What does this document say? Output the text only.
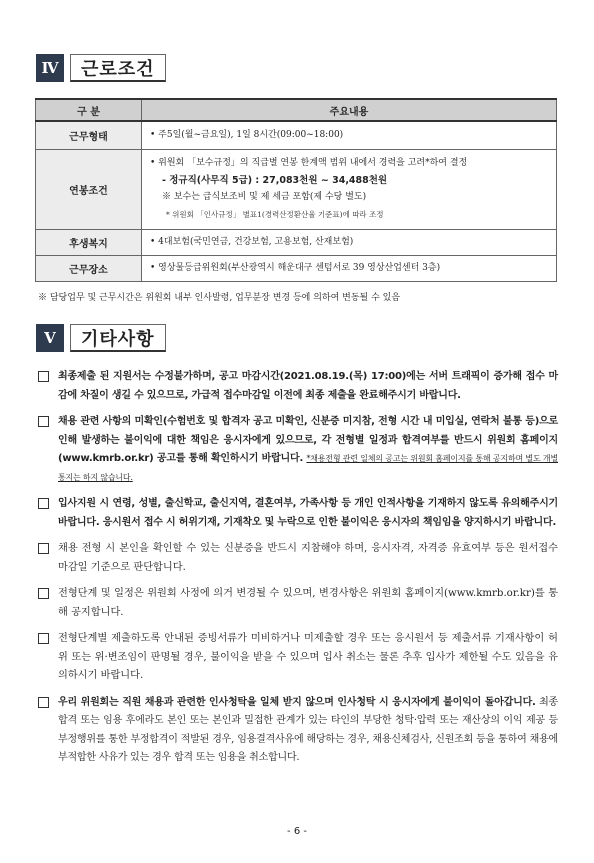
Ⅳ	근로조건
구 분	주요내용
근무형태	• 주5일(월~금요일), 1일 8시간(09:00~18:00)
연봉조건	• 위원회 「보수규정」의 직급별 연봉 한계액 범위 내에서 경력을 고려*하여 결정
- 정규직(사무직 5급) : 27,083천원 ~ 34,488천원
※ 보수는 급식보조비 및 제 세금 포함(제 수당 별도)
* 위원회 「인사규정」 별표1(경력산정환산율 기준표)에 따라 조정

후생복지	• 4대보험(국민연금, 건강보험, 고용보험, 산재보험)
근무장소	• 영상물등급위원회(부산광역시 해운대구 센텀서로 39 영상산업센터 3층)
※ 담당업무 및 근무시간은 위원회 내부 인사발령, 업무분장 변경 등에 의하여 변동될 수 있음
Ⅴ	기타사항
최종제출 된 지원서는 수정불가하며, 공고 마감시간(2021.08.19.(목) 17:00)에는 서버 트래픽이 증가해 접수 마감에 차질이 생길 수 있으므로, 가급적 접수마감일 이전에 최종 제출을 완료해주시기 바랍니다.
채용 관련 사항의 미확인(수험번호 및 합격자 공고 미확인, 신분증 미지참, 전형 시간 내 미입실, 연락처 불통 등)으로 인해 발생하는 불이익에 대한 책임은 응시자에게 있으므로, 각 전형별 일정과 합격여부를 반드시 위원회 홈페이지(www.kmrb.or.kr) 공고를 통해 확인하시기 바랍니다. *채용전형 관련 일체의 공고는 위원회 홈페이지를 통해 공지하며 별도 개별통지는 하지 않습니다.
입사지원 시 연령, 성별, 출신학교, 출신지역, 결혼여부, 가족사항 등 개인 인적사항을 기재하지 않도록 유의해주시기 바랍니다. 응시원서 접수 시 허위기재, 기재착오 및 누락으로 인한 불이익은 응시자의 책임임을 양지하시기 바랍니다.
채용 전형 시 본인을 확인할 수 있는 신분증을 반드시 지참해야 하며, 응시자격, 자격증 유효여부 등은 원서접수 마감일 기준으로 판단합니다.
전형단계 및 일정은 위원회 사정에 의거 변경될 수 있으며, 변경사항은 위원회 홈페이지(www.kmrb.or.kr)를 통해 공지합니다.
전형단계별 제출하도록 안내된 증빙서류가 미비하거나 미제출할 경우 또는 응시원서 등 제출서류 기재사항이 허위 또는 위·변조임이 판명될 경우, 불이익을 받을 수 있으며 입사 취소는 물론 추후 입사가 제한될 수도 있음을 유의하시기 바랍니다.
우리 위원회는 직원 채용과 관련한 인사청탁을 일체 받지 않으며 인사청탁 시 응시자에게 불이익이 돌아갑니다. 최종합격 또는 임용 후에라도 본인 또는 본인과 밀접한 관계가 있는 타인의 부당한 청탁·압력 또는 재산상의 이익 제공 등 부정행위를 통한 부정합격이 적발된 경우, 임용결격사유에 해당하는 경우, 채용신체검사, 신원조회 등을 통하여 채용에 부적합한 사유가 있는 경우 합격 또는 임용을 취소합니다.
- 6 -
